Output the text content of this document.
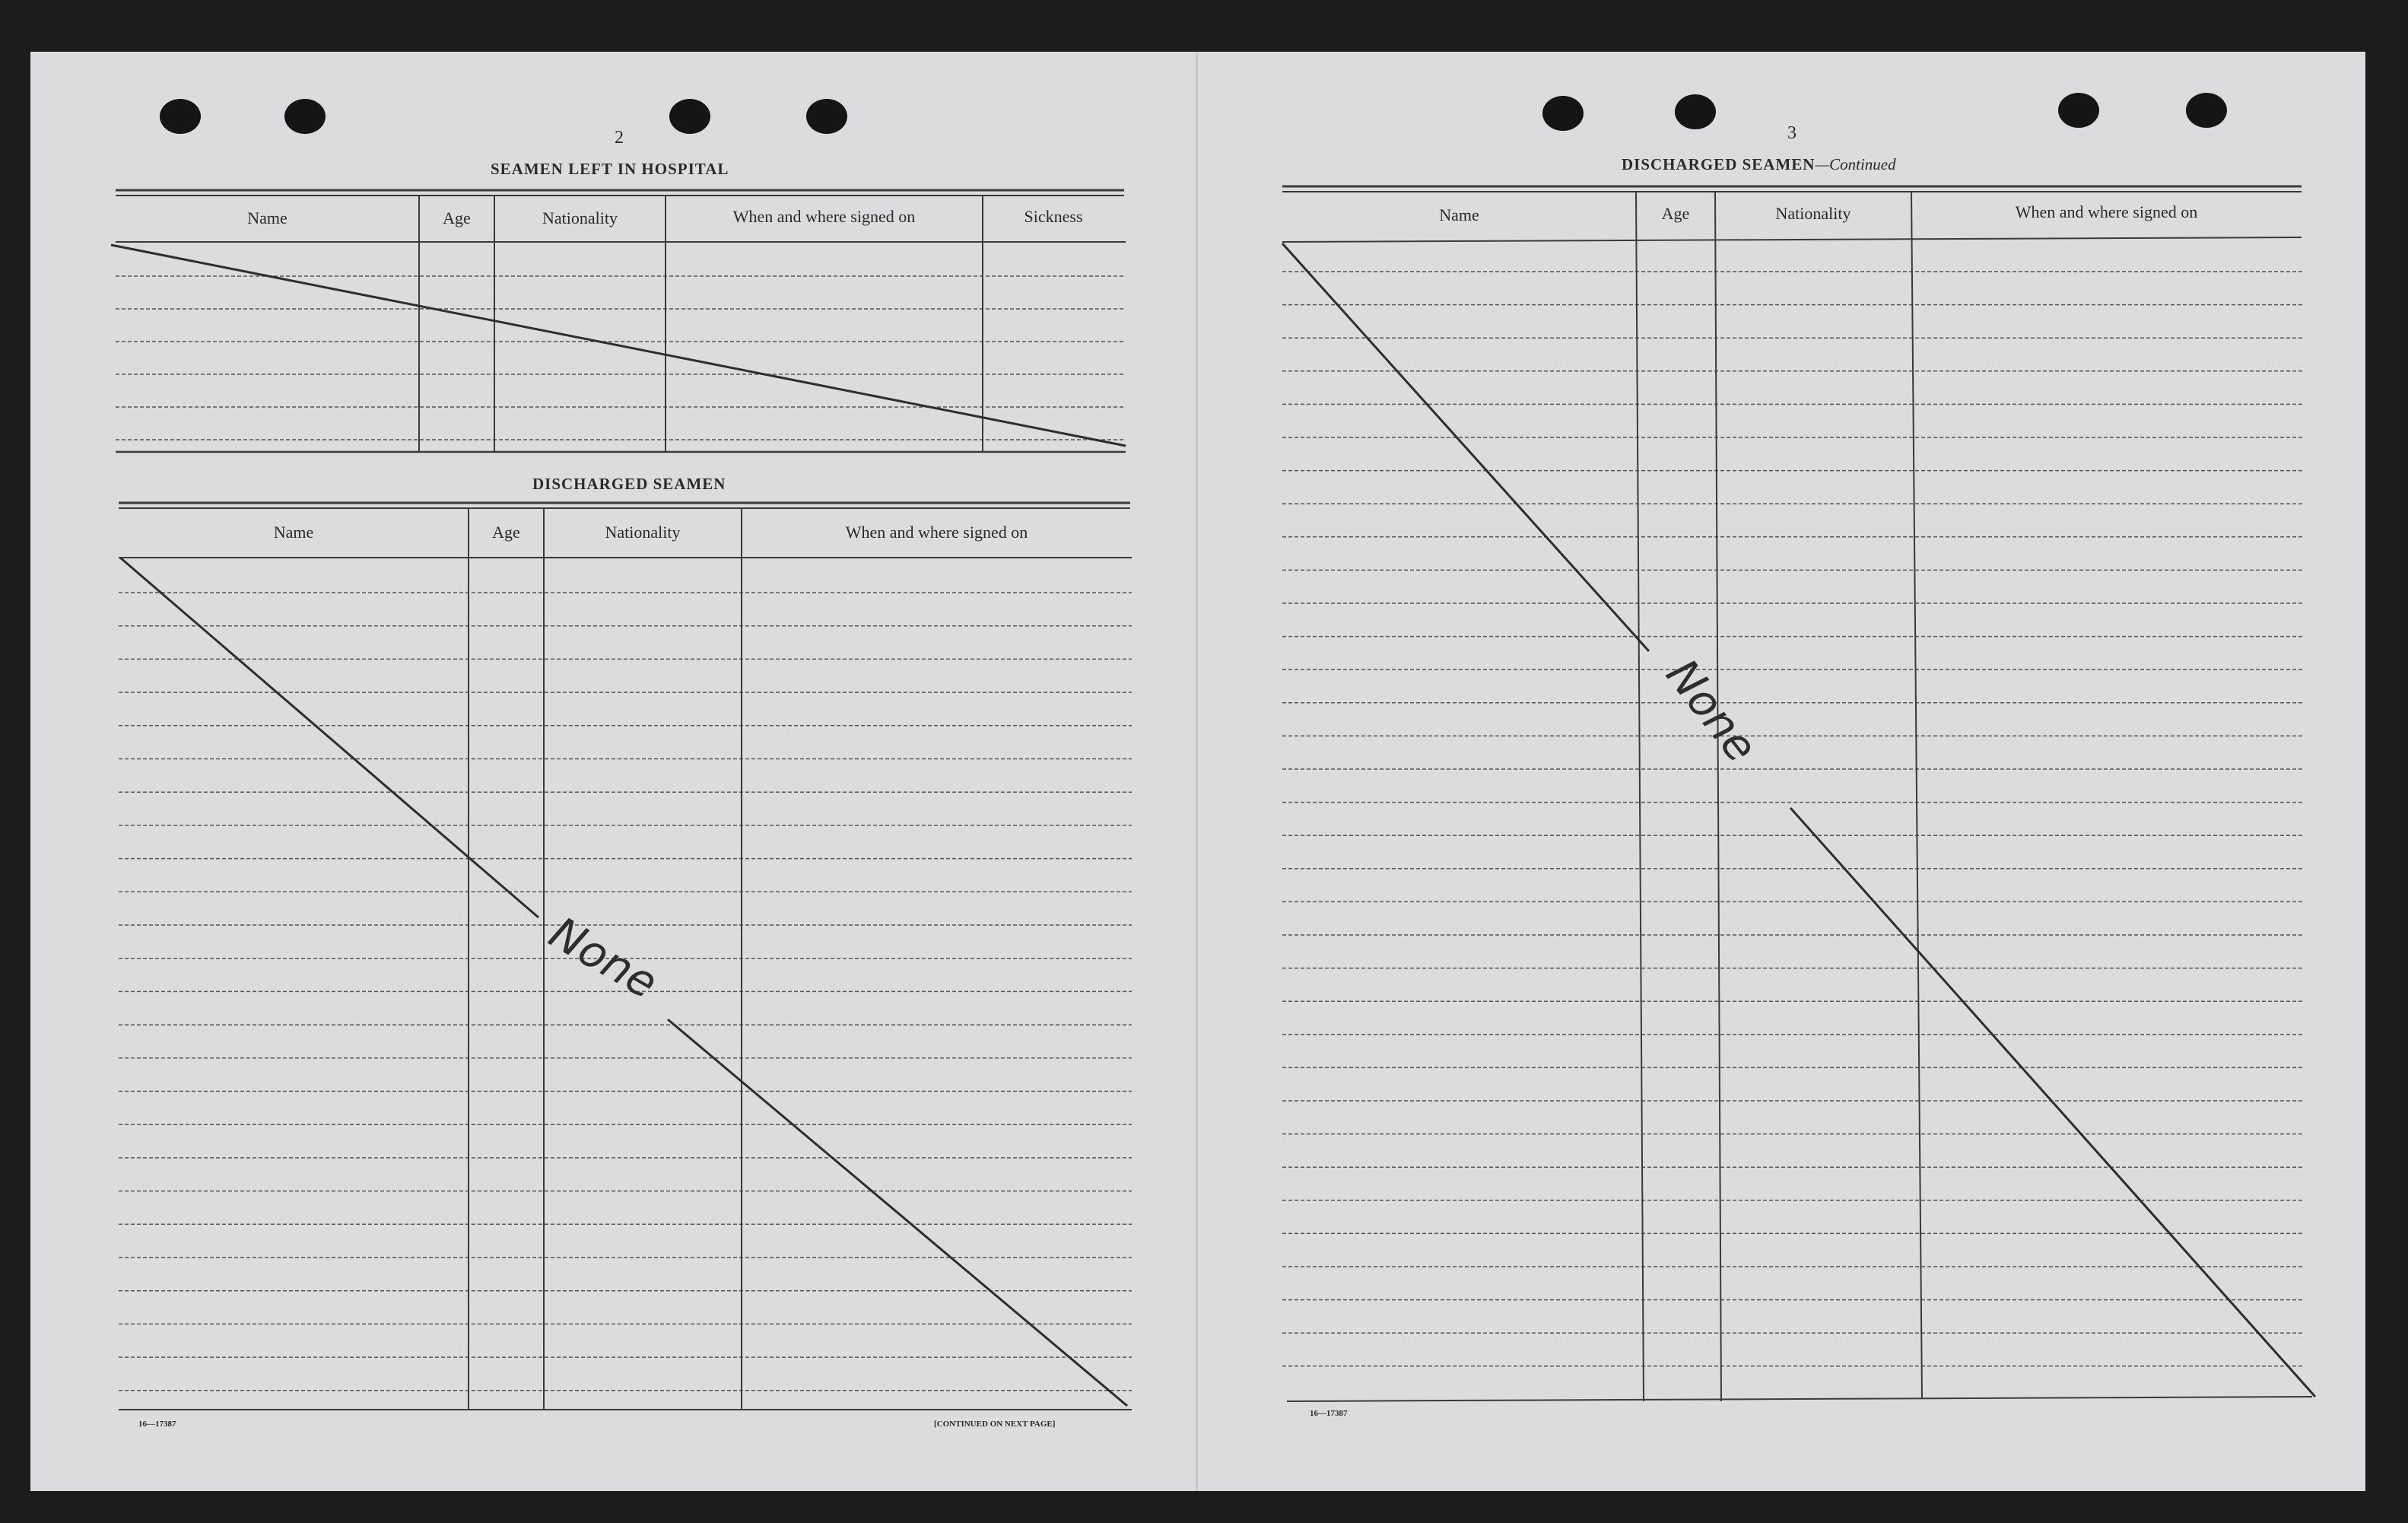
2
SEAMEN LEFT IN HOSPITAL
Name	Age	Nationality	When and where signed on	Sickness
DISCHARGED SEAMEN
Name	Age	Nationality	When and where signed on
None
16—17387	[CONTINUED ON NEXT PAGE]
3
DISCHARGED SEAMEN—Continued
Name	Age	Nationality	When and where signed on
None
16—17387
